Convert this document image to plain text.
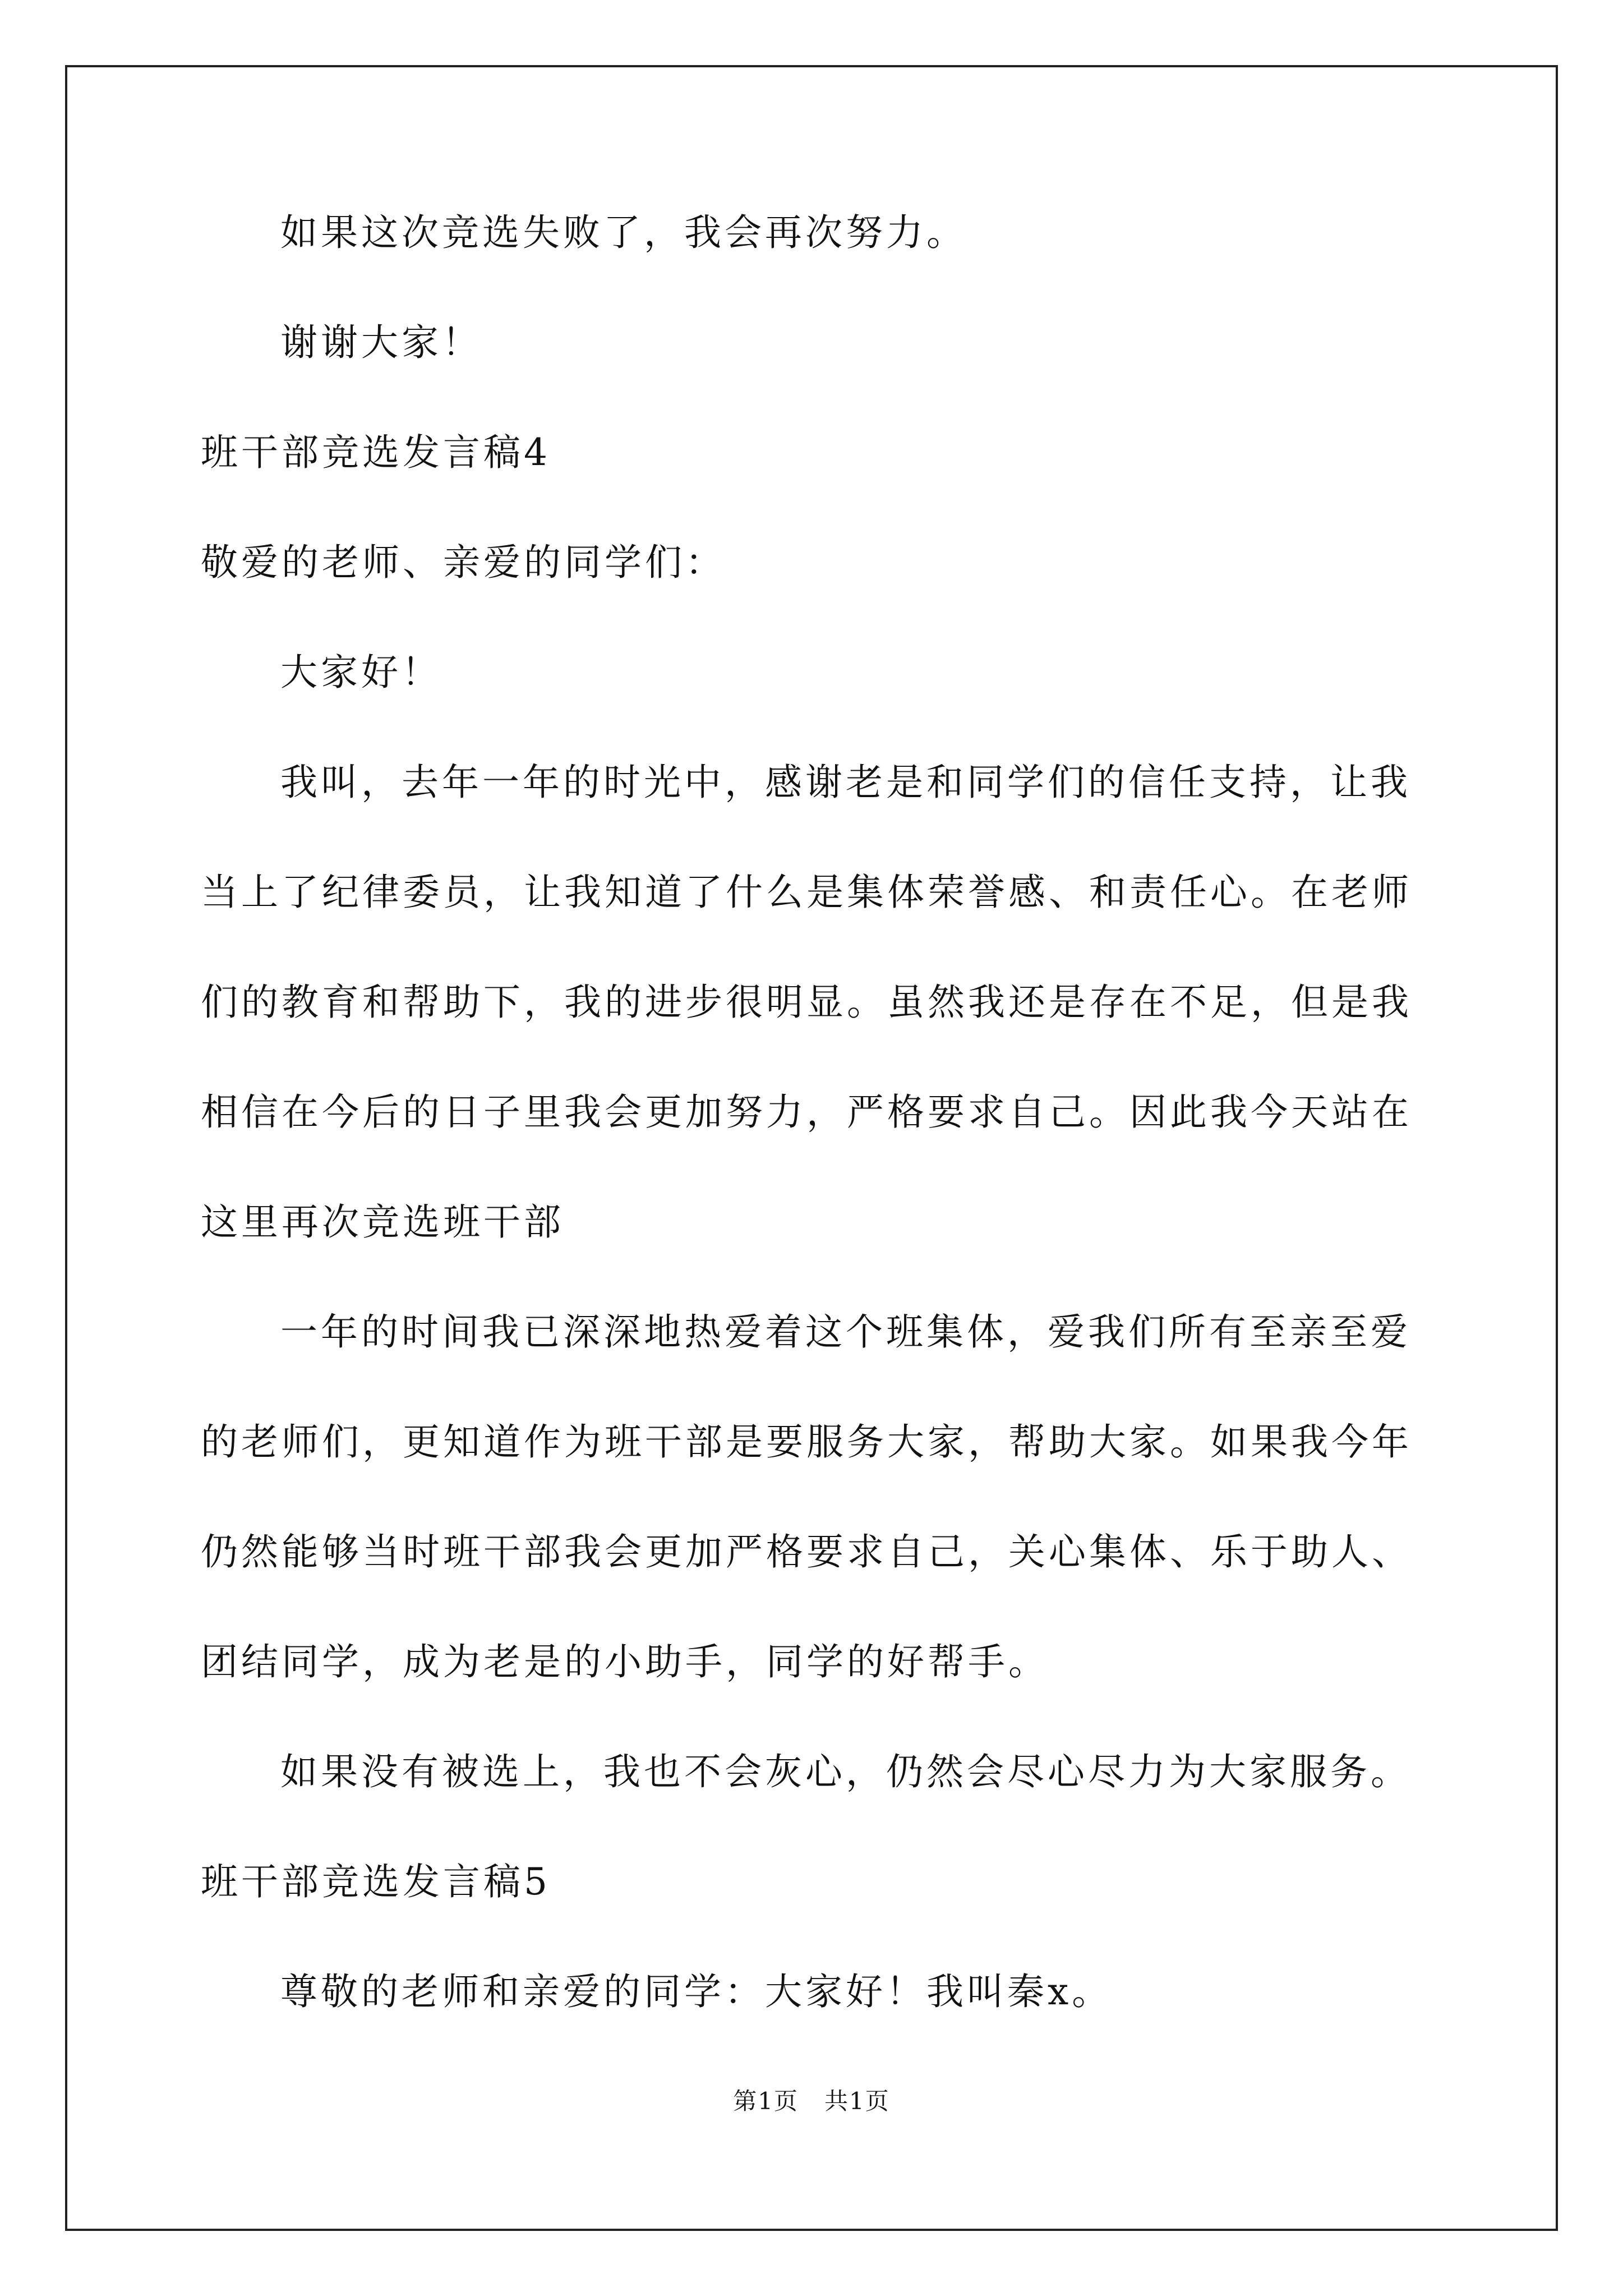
如果这次竞选失败了，我会再次努力。
谢谢大家！
班干部竞选发言稿4
敬爱的老师、亲爱的同学们：
大家好！
我叫，去年一年的时光中，感谢老是和同学们的信任支持，让我
当上了纪律委员，让我知道了什么是集体荣誉感、和责任心。在老师
们的教育和帮助下，我的进步很明显。虽然我还是存在不足，但是我
相信在今后的日子里我会更加努力，严格要求自己。因此我今天站在
这里再次竞选班干部
一年的时间我已深深地热爱着这个班集体，爱我们所有至亲至爱
的老师们，更知道作为班干部是要服务大家，帮助大家。如果我今年
仍然能够当时班干部我会更加严格要求自己，关心集体、乐于助人、
团结同学，成为老是的小助手，同学的好帮手。
如果没有被选上，我也不会灰心，仍然会尽心尽力为大家服务。
班干部竞选发言稿5
尊敬的老师和亲爱的同学：大家好！我叫秦x。
第1页 共1页
